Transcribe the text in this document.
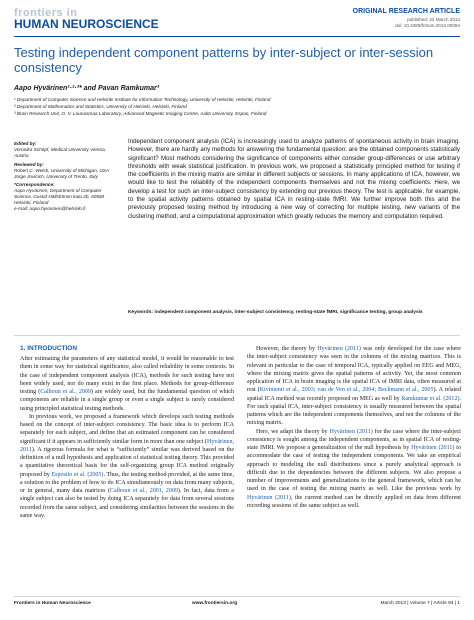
frontiers in
HUMAN NEUROSCIENCE
ORIGINAL RESEARCH ARTICLE
published: 22 March 2013
doi: 10.3389/fnhum.2013.00094
Testing independent component patterns by inter-subject or inter-session consistency
Aapo Hyvärinen¹·²·³* and Pavan Ramkumar³
¹ Department of Computer Science and Helsinki Institute for Information Technology, University of Helsinki, Helsinki, Finland
² Department of Mathematics and Statistics, University of Helsinki, Helsinki, Finland
³ Brain Research Unit, O. V. Lounasmaa Laboratory, Advanced Magnetic Imaging Centre, Aalto University, Espoo, Finland
Edited by:
Veronika Schöpf, Medical University Vienna, Austria
Reviewed by:
Robert C. Welsh, University of Michigan, USA
Jorge Jovicich, University of Trento, Italy
*Correspondence:
Aapo Hyvärinen, Department of Computer Science, Gustaf Hällströmin katu 2b, 00560 Helsinki, Finland
e-mail: aapo.hyvarinen@helsinki.fi
Independent component analysis (ICA) is increasingly used to analyze patterns of spontaneous activity in brain imaging. However, there are hardly any methods for answering the fundamental question: are the obtained components statistically significant? Most methods considering the significance of components either consider group-differences or use arbitrary thresholds with weak statistical justification. In previous work, we proposed a statistically principled method for testing if the coefficients in the mixing matrix are similar in different subjects or sessions. In many applications of ICA, however, we would like to test the reliability of the independent components themselves and not the mixing coefficients. Here, we develop a test for such an inter-subject consistency by extending our previous theory. The test is applicable, for example, to the spatial activity patterns obtained by spatial ICA in resting-state fMRI. We further improve both this and the previously proposed testing method by introducing a new way of correcting for multiple testing, new variants of the clustering method, and a computational approximation which greatly reduces the memory and computation required.
Keywords: independent component analysis, inter-subject consistency, resting-state fMRI, significance testing, group analysis
1. INTRODUCTION

After estimating the parameters of any statistical model, it would be reasonable to test them in some way for statistical significance, also called reliability in some contexts. In the case of independent component analysis (ICA), methods for such testing have not been widely used, nor do many exist in the first place. Methods for group-difference testing (Calhoun et al., 2009) are widely used, but the fundamental question of which components are reliable in a single group or even a single subject is rarely considered using principled statistical testing methods.

In previous work, we proposed a framework which develops such testing methods based on the concept of inter-subject consistency. The basic idea is to perform ICA separately for each subject, and define that an estimated component can be considered significant if it appears in sufficiently similar form in more than one subject (Hyvärinen, 2011). A rigorous formula for what is “sufficiently” similar was derived based on the definition of a null hypothesis and application of statistical testing theory. This provided a quantitative theoretical basis for the self-organizing group ICA method originally proposed by Esposito et al. (2005). Thus, the testing method provided, at the same time, a solution to the problem of how to do ICA simultaneously on data from many subjects, or in general, many data matrices (Calhoun et al., 2001, 2009). In fact, data from a single subject can also be tested by doing ICA separately for data from several sessions recorded from the same subject, and considering similarities between the sessions in the same way.

However, the theory by Hyvärinen (2011) was only developed for the case where the inter-subject consistency was seen in the columns of the mixing matrices. This is relevant in particular to the case of temporal ICA, typically applied on EEG and MEG, where the mixing matrix gives the spatial patterns of activity. Yet, the most common application of ICA in brain imaging is the spatial ICA of fMRI data, often measured at rest (Kiviniemi et al., 2003; van de Ven et al., 2004; Beckmann et al., 2005). A related spatial ICA method was recently proposed on MEG as well by Ramkumar et al. (2012). For such spatial ICA, inter-subject consistency is usually measured between the spatial patterns which are the independent components themselves, and not the columns of the mixing matrix.

Here, we adapt the theory by Hyvärinen (2011) for the case where the inter-subject consistency is sought among the independent components, as in spatial ICA of resting-state fMRI. We propose a generalization of the null hypothesis by Hyvärinen (2011) to accommodate the case of testing the independent components. We take an empirical approach to modeling the null distributions since a purely analytical approach is difficult due to the dependencies between the different subjects. We also propose a number of improvements and generalizations to the general framework, which can be used in the case of testing the mixing matrix as well. Like the previous work by Hyvärinen (2011), the current method can be directly applied on data from different recording sessions of the same subject as well.

Frontiers in Human Neuroscience	www.frontiersin.org	March 2013 | Volume 7 | Article 94 | 1
